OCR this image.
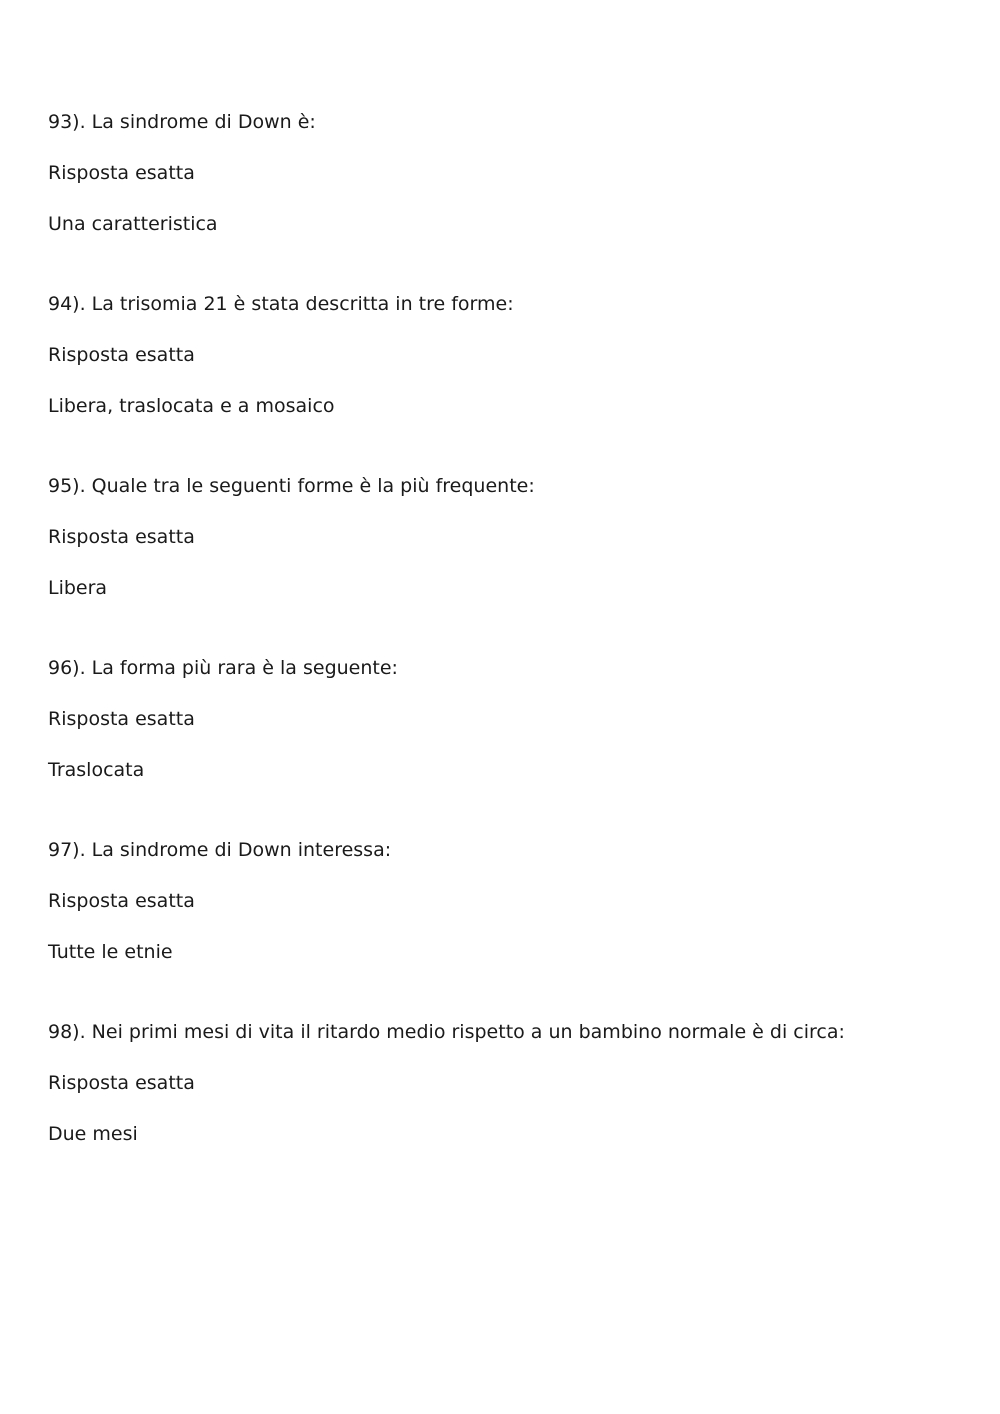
93). La sindrome di Down è:
Risposta esatta
Una caratteristica
94). La trisomia 21 è stata descritta in tre forme:
Risposta esatta
Libera, traslocata e a mosaico
95). Quale tra le seguenti forme è la più frequente:
Risposta esatta
Libera
96). La forma più rara è la seguente:
Risposta esatta
Traslocata
97). La sindrome di Down interessa:
Risposta esatta
Tutte le etnie
98). Nei primi mesi di vita il ritardo medio rispetto a un bambino normale è di circa:
Risposta esatta
Due mesi
